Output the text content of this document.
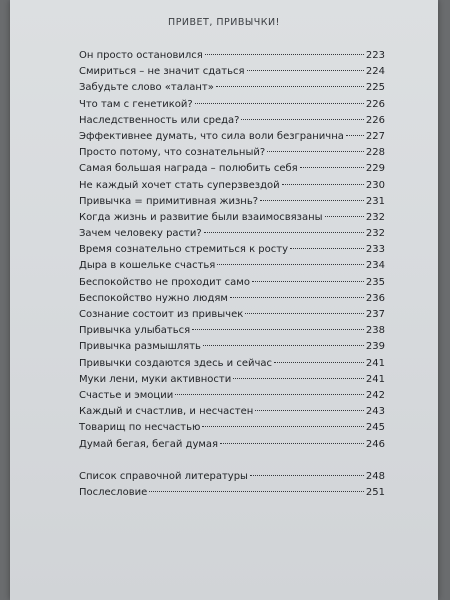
ПРИВЕТ, ПРИВЫЧКИ!
Он просто остановился	223
Смириться – не значит сдаться	224
Забудьте слово «талант»	225
Что там с генетикой?	226
Наследственность или среда?	226
Эффективнее думать, что сила воли безгранична 227
Просто потому, что сознательный?	228
Самая большая награда – полюбить себя	229
Не каждый хочет стать суперзвездой	230
Привычка = примитивная жизнь?	231
Когда жизнь и развитие были взаимосвязаны	232
Зачем человеку расти?	232
Время сознательно стремиться к росту	233
Дыра в кошельке счастья	234
Беспокойство не проходит само	235
Беспокойство нужно людям	236
Сознание состоит из привычек	237
Привычка улыбаться	238
Привычка размышлять	239
Привычки создаются здесь и сейчас	241
Муки лени, муки активности	241
Счастье и эмоции	242
Каждый и счастлив, и несчастен	243
Товарищ по несчастью	245
Думай бегая, бегай думая	246
Список справочной литературы	248
Послесловие	251
